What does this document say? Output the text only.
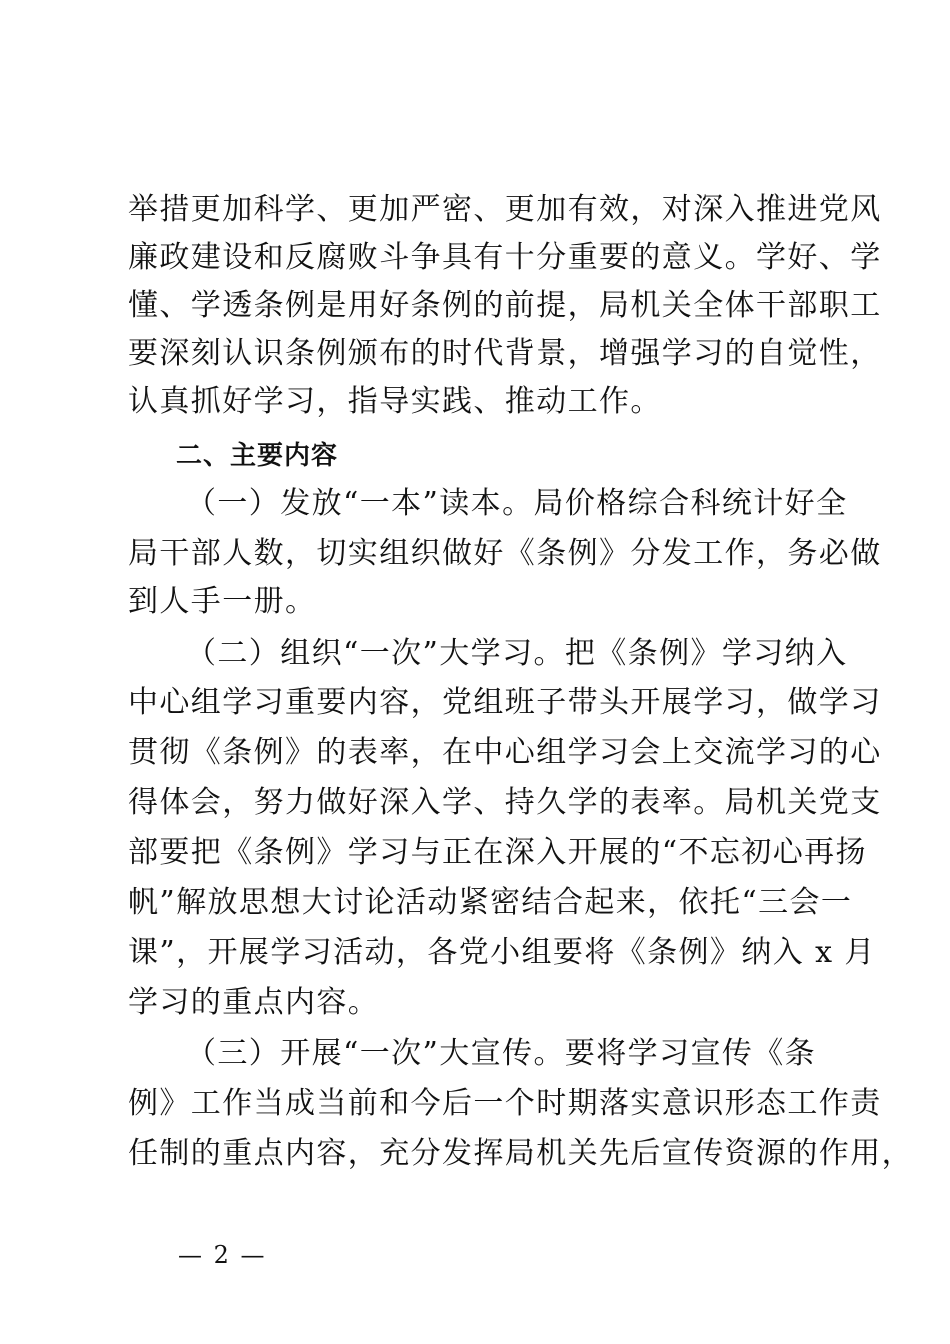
举措更加科学、更加严密、更加有效，对深入推进党风
廉政建设和反腐败斗争具有十分重要的意义。学好、学
懂、学透条例是用好条例的前提，局机关全体干部职工
要深刻认识条例颁布的时代背景，增强学习的自觉性，
认真抓好学习，指导实践、推动工作。
二、主要内容
（一）发放“一本”读本。局价格综合科统计好全
局干部人数，切实组织做好《条例》分发工作，务必做
到人手一册。
（二）组织“一次”大学习。把《条例》学习纳入
中心组学习重要内容，党组班子带头开展学习，做学习
贯彻《条例》的表率，在中心组学习会上交流学习的心
得体会，努力做好深入学、持久学的表率。局机关党支
部要把《条例》学习与正在深入开展的“不忘初心再扬
帆”解放思想大讨论活动紧密结合起来，依托“三会一
课”，开展学习活动，各党小组要将《条例》纳入 x 月
学习的重点内容。
（三）开展“一次”大宣传。要将学习宣传《条
例》工作当成当前和今后一个时期落实意识形态工作责
任制的重点内容，充分发挥局机关先后宣传资源的作用，
— 2 —
